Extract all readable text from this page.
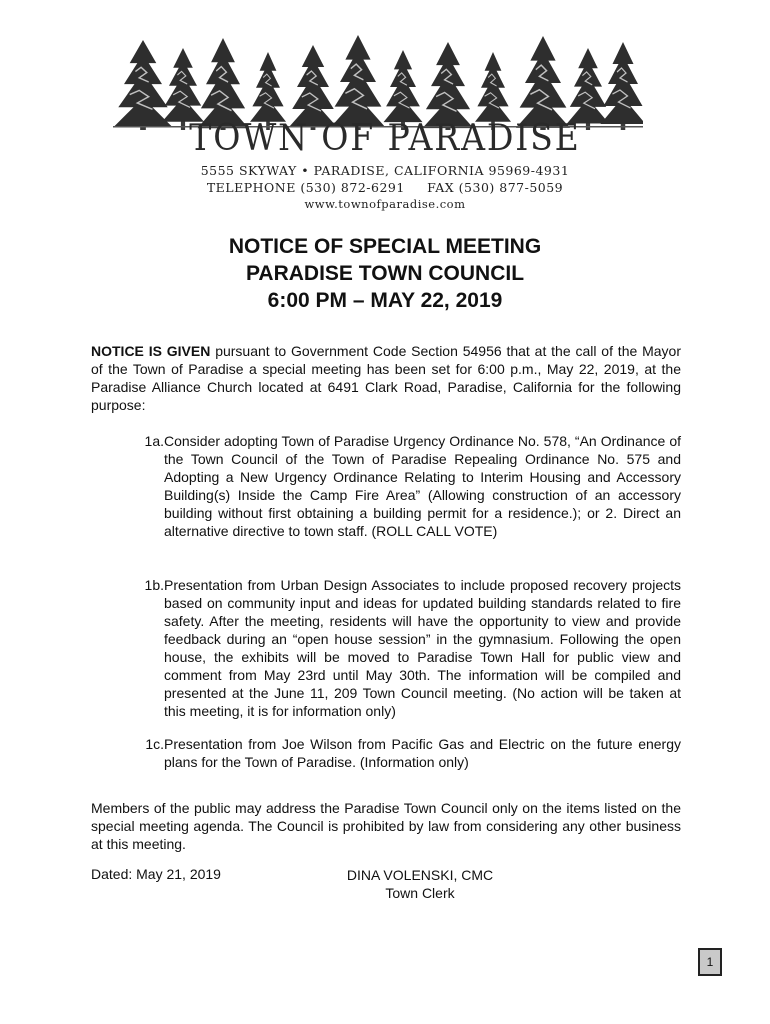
TOWN OF PARADISE
5555 SKYWAY • PARADISE, CALIFORNIA 95969-4931
TELEPHONE (530) 872-6291     FAX (530) 877-5059
www.townofparadise.com
NOTICE OF SPECIAL MEETING
PARADISE TOWN COUNCIL
6:00 PM – MAY 22, 2019
NOTICE IS GIVEN pursuant to Government Code Section 54956 that at the call of the Mayor of the Town of Paradise a special meeting has been set for 6:00 p.m., May 22, 2019, at the Paradise Alliance Church located at 6491 Clark Road, Paradise, California for the following purpose:
1a. Consider adopting Town of Paradise Urgency Ordinance No. 578, “An Ordinance of the Town Council of the Town of Paradise Repealing Ordinance No. 575 and Adopting a New Urgency Ordinance Relating to Interim Housing and Accessory Building(s) Inside the Camp Fire Area” (Allowing construction of an accessory building without first obtaining a building permit for a residence.); or 2. Direct an alternative directive to town staff. (ROLL CALL VOTE)
1b. Presentation from Urban Design Associates to include proposed recovery projects based on community input and ideas for updated building standards related to fire safety. After the meeting, residents will have the opportunity to view and provide feedback during an “open house session” in the gymnasium. Following the open house, the exhibits will be moved to Paradise Town Hall for public view and comment from May 23rd until May 30th. The information will be compiled and presented at the June 11, 209 Town Council meeting. (No action will be taken at this meeting, it is for information only)
1c. Presentation from Joe Wilson from Pacific Gas and Electric on the future energy plans for the Town of Paradise. (Information only)
Members of the public may address the Paradise Town Council only on the items listed on the special meeting agenda. The Council is prohibited by law from considering any other business at this meeting.
Dated: May 21, 2019	DINA VOLENSKI, CMC
Town Clerk
1
